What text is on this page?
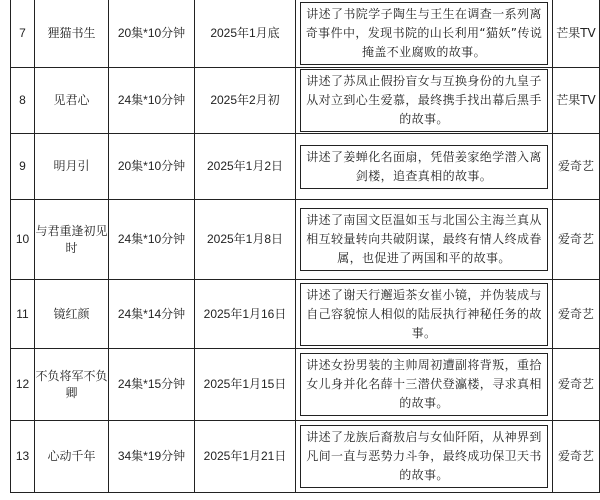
7	狸猫书生	20集*10分钟	2025年1月底	讲述了书院学子陶生与王生在调查一系列离奇事件中，发现书院的山长利用“猫妖”传说掩盖不业腐败的故事。	芒果TV
8	见君心	24集*10分钟	2025年2月初	讲述了苏凤止假扮盲女与互换身份的九皇子从对立到心生爱慕，最终携手找出幕后黑手的故事。	芒果TV
9	明月引	20集*10分钟	2025年1月2日	讲述了姜蝉化名面扇，凭借姜家绝学潜入离剑楼，追查真相的故事。	爱奇艺
10	与君重逢初见时	24集*10分钟	2025年1月8日	讲述了南国文臣温如玉与北国公主海兰真从相互较量转向共破阴谋，最终有情人终成眷属，也促进了两国和平的故事。	爱奇艺
11	镜红颜	24集*14分钟	2025年1月16日	讲述了谢天行邂逅茶女崔小镜，并伪装成与自己容貌惊人相似的陆辰执行神秘任务的故事。	爱奇艺
12	不负将军不负卿	24集*15分钟	2025年1月15日	讲述女扮男装的主帅周初遭副将背叛，重拾女儿身并化名薛十三潜伏登瀛楼，寻求真相的故事。	爱奇艺
13	心动千年	34集*19分钟	2025年1月21日	讲述了龙族后裔敖启与女仙阡陌，从神界到凡间一直与恶势力斗争，最终成功保卫天书的故事。	爱奇艺
